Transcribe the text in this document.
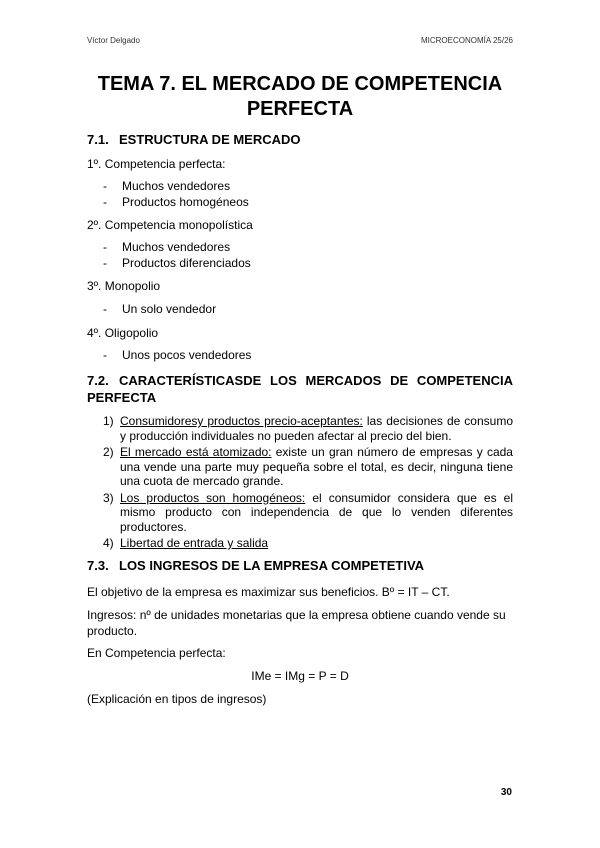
Víctor Delgado	MICROECONOMÍA 25/26
TEMA 7. EL MERCADO DE COMPETENCIA
PERFECTA
7.1. ESTRUCTURA DE MERCADO

1º. Competencia perfecta:

-	Muchos vendedores
-	Productos homogéneos

2º. Competencia monopolística

-	Muchos vendedores
-	Productos diferenciados

3º. Monopolio

-	Un solo vendedor

4º. Oligopolio

-	Unos pocos vendedores
7.2. CARACTERÍSTICASDE LOS MERCADOS DE COMPETENCIA PERFECTA
1) Consumidoresy productos precio-aceptantes: las decisiones de consumo y producción individuales no pueden afectar al precio del bien.
2) El mercado está atomizado: existe un gran número de empresas y cada una vende una parte muy pequeña sobre el total, es decir, ninguna tiene una cuota de mercado grande.
3) Los productos son homogéneos: el consumidor considera que es el mismo producto con independencia de que lo venden diferentes productores.
4) Libertad de entrada y salida
7.3. LOS INGRESOS DE LA EMPRESA COMPETETIVA

El objetivo de la empresa es maximizar sus beneficios. Bº = IT – CT.

Ingresos: nº de unidades monetarias que la empresa obtiene cuando vende su producto.

En Competencia perfecta:

IMe = IMg = P = D

(Explicación en tipos de ingresos)

30
